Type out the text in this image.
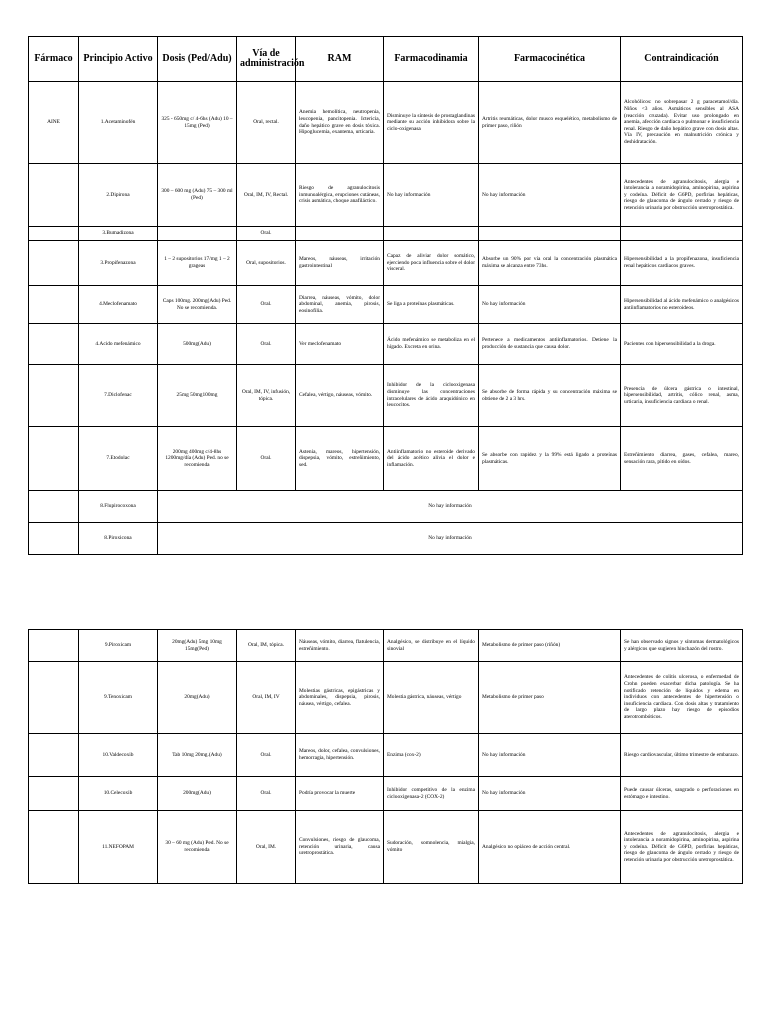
Fármaco	Principio Activo	Dosis (Ped/Adu)	Vía de administración	RAM	Farmacodinamia	Farmacocinética	Contraindicación
AINE	1.Acetaminofén	325 - 650mg c/ 4-6hs (Adu) 10 – 15mg (Ped)	Oral, rectal.	Anemia hemolítica, neutropenia, leucopenia, pancitopenia. Ictericia, daño hepático grave en dosis tóxica. Hipoglucemia, exantema, urticaria.	Disminuye la síntesis de prostaglandinas mediante su acción inhibidora sobre la ciclo-oxigenasa	Artritis reumáticas, dolor musco esquelético, metabolismo de primer paso, riñón	Alcohólicos: no sobrepasar 2 g paracetamol/día. Niños <3 años. Asmáticos sensibles al ASA (reacción cruzada). Evitar uso prolongado en anemia, afección cardiaca o pulmonar e insuficiencia renal. Riesgo de daño hepático grave con dosis altas. Vía IV, precaución en malnutrición crónica y deshidratación.
	2.Dipirona	300 – 600 mg (Adu) 75 – 300 ml (Ped)	Oral, IM, IV, Rectal.	Riesgo de agranulocitosis inmunoalérgica, erupciones cutáneas, crisis asmática, choque anafiláctico.	No hay información	No hay información	Antecedentes de agranulocitosis, alergia e intolerancia a noramidopirina, aminopirina, aspirina y codeína. Déficit de G6PD, porfirias hepáticas, riesgo de glaucoma de ángulo cerrado y riesgo de retención urinaria por obstrucción uretroprostática.
	3.Bumadizona		Oral.				
	3.Propifenazona	1 – 2 supositorios 17/mg 1 – 2 grageas	Oral, supositorios.	Mareos, náuseas, irritación gastrointestinal	Capaz de aliviar dolor somático, ejerciendo poca influencia sobre el dolor visceral.	Absorbe un 90% por vía oral la concentración plasmática máxima se alcanza entre 73hs.	Hipersensibilidad a la propifenazona, insuficiencia renal hepáticos cardiacos graves.
	4.Meclofenamato	Caps 100mg. 200mg(Adu) Ped. No se recomienda.	Oral.	Diarrea, náuseas, vómito, dolor abdominal, anemia, pirosis, eosinofilia.	Se liga a proteínas plasmáticas.	No hay información	Hipersensibilidad al ácido mefenámico o analgésicos antiinflamatorios no esteroideos.
	4.Acido mefenámico	500mg(Adu)	Oral.	Ver meclofenamato	Ácido mefenámico se metaboliza en el hígado. Excreta en orina.	Pertenece a medicamentos antiinflamatorios. Detiene la producción de sustancia que causa dolor.	Pacientes con hipersensibilidad a la droga.
	7.Diclofenac	25mg 50mg100mg	Oral, IM, IV, infusión, tópica.	Cefalea, vértigo, náuseas, vómito.	Inhibidor de la ciclooxigenasa disminuye las concentraciones intracelulares de ácido araquidónico en leucocitos.	Se absorbe de forma rápida y su concentración máxima se obtiene de 2 a 3 hrs.	Presencia de úlcera gástrica o intestinal, hipersensibilidad, artritis, cólico renal, asma, urticaria, insuficiencia cardiaca o renal.
	7.Etodolac	200mg 400mg c/4-8hs 1200mg/día (Adu) Ped. no se recomienda	Oral.	Astenia, mareos, hipertensión, dispepsia, vómito, estreñimiento, sed.	Antiinflamatorio no esteroide derivado del ácido acético alivia el dolor e inflamación.	Se absorbe con rapidez y la 99% está ligado a proteínas plasmáticas.	Estreñimiento diarrea, gases, cefalea, mareo, sensación rara, pitido en oídos.
	8.Flupirocoxona	No hay información					
	8.Piroxicona	No hay información					
	9.Piroxicam	20mg(Adu) 5mg 10mg 15mg(Ped)	Oral, IM, tópica.	Náuseas, vómito, diarrea, flatulencia, estreñimiento.	Analgésico, se distribuye en el líquido sinovial	Metabolismo de primer paso (riñón)	Se han observado signos y síntomas dermatológicos y alérgicos que sugieren hinchazón del rostro.
	9.Tenoxicam	20mg(Adu)	Oral, IM, IV	Molestias gástricas, epigástricas y abdominales, dispepsia, pirosis, náusea, vértigo, cefalea.	Molestia gástrica, náuseas, vértigo	Metabolismo de primer paso	Antecedentes de colitis ulcerosa, o enfermedad de Crohn pueden exacerbar dicha patología. Se ha notificado retención de líquidos y edema en individuos con antecedentes de hipertensión o insuficiencia cardiaca. Con dosis altas y tratamiento de largo plazo hay riesgo de episodios aterotrombóticos.
	10.Valdecoxib	Tab 10mg 20mg.(Adu)	Oral.	Mareos, dolor, cefalea, convulsiones, hemorragia, hipertensión.	Enzima (cox-2)	No hay información	Riesgo cardiovascular, último trimestre de embarazo.
	10.Celecoxib	200mg(Adu)	Oral.	Podría provocar la muerte	Inhibidor competitivo de la enzima ciclooxigenasa-2 (COX-2)	No hay información	Puede causar úlceras, sangrado o perforaciones en estómago e intestino.
	11.NEFOPAM	30 – 60 mg (Adu) Ped. No se recomienda	Oral, IM.	Convulsiones, riesgo de glaucoma, retención urinaria, causa uretroprostática.	Sudoración, somnolencia, mialgia, vómito	Analgésico no opiáceo de acción central.	Antecedentes de agranulocitosis, alergia e intolerancia a noramidopirina, aminopirina, aspirina y codeína. Déficit de G6PD, porfirias hepáticas, riesgo de glaucoma de ángulo cerrado y riesgo de retención urinaria por obstrucción uretroprostática.
